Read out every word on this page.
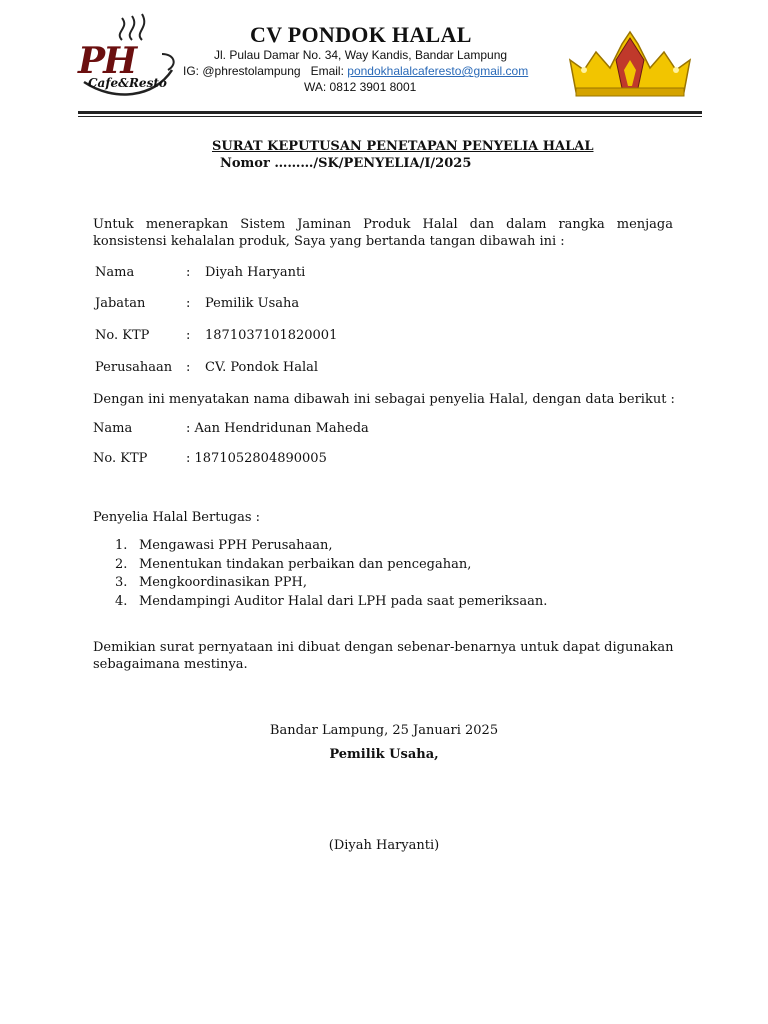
PH
Cafe&Resto
CV PONDOK HALAL
Jl. Pulau Damar No. 34, Way Kandis, Bandar Lampung
IG: @phrestolampung Email: pondokhalalcaferesto@gmail.com
WA: 0812 3901 8001
SURAT KEPUTUSAN PENETAPAN PENYELIA HALAL
Nomor ………/SK/PENYELIA/I/2025
Untuk menerapkan Sistem Jaminan Produk Halal dan dalam rangka menjaga konsistensi kehalalan produk, Saya yang bertanda tangan dibawah ini :
Nama	: Diyah Haryanti
Jabatan	: Pemilik Usaha
No. KTP	: 1871037101820001
Perusahaan : CV. Pondok Halal
Dengan ini menyatakan nama dibawah ini sebagai penyelia Halal, dengan data berikut :
Nama	: Aan Hendridunan Maheda
No. KTP	: 1871052804890005
Penyelia Halal Bertugas :
1. Mengawasi PPH Perusahaan,
2. Menentukan tindakan perbaikan dan pencegahan,
3. Mengkoordinasikan PPH,
4. Mendampingi Auditor Halal dari LPH pada saat pemeriksaan.
Demikian surat pernyataan ini dibuat dengan sebenar-benarnya untuk dapat digunakan
sebagaimana mestinya.
Bandar Lampung, 25 Januari 2025
Pemilik Usaha,
(Diyah Haryanti)
